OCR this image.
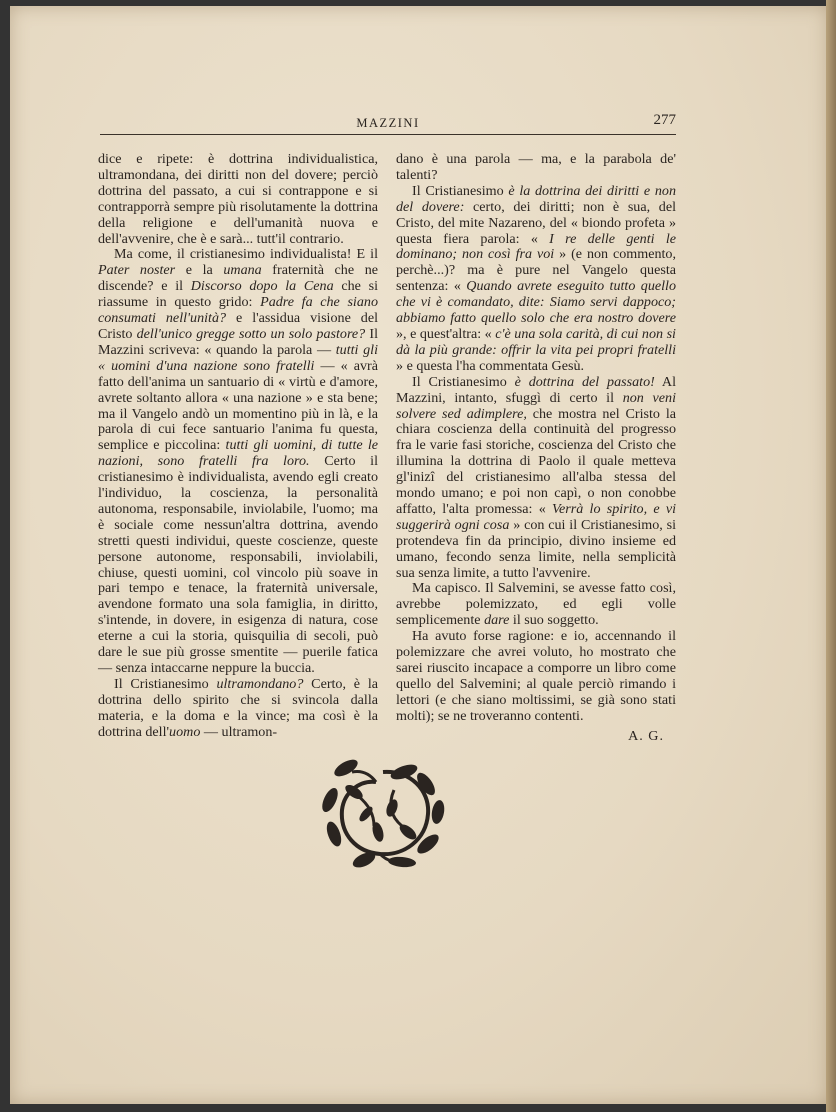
MAZZINI	277

dice e ripete: è dottrina individualistica, ultramondana, dei diritti non del dovere; perciò dottrina del passato, a cui si contrappone e si contrapporrà sempre più risolutamente la dottrina della religione e dell'umanità nuova e dell'avvenire, che è e sarà... tutt'il contrario.

Ma come, il cristianesimo individualista! E il Pater noster e la umana fraternità che ne discende? e il Discorso dopo la Cena che si riassume in questo grido: Padre fa che siano consumati nell'unità? e l'assidua visione del Cristo dell'unico gregge sotto un solo pastore? Il Mazzini scriveva: « quando la parola — tutti gli « uomini d'una nazione sono fratelli — « avrà fatto dell'anima un santuario di « virtù e d'amore, avrete soltanto allora « una nazione » e sta bene; ma il Vangelo andò un momentino più in là, e la parola di cui fece santuario l'anima fu questa, semplice e piccolina: tutti gli uomini, di tutte le nazioni, sono fratelli fra loro. Certo il cristianesimo è individualista, avendo egli creato l'individuo, la coscienza, la personalità autonoma, responsabile, inviolabile, l'uomo; ma è sociale come nessun'altra dottrina, avendo stretti questi individui, queste coscienze, queste persone autonome, responsabili, inviolabili, chiuse, questi uomini, col vincolo più soave in pari tempo e tenace, la fraternità universale, avendone formato una sola famiglia, in diritto, s'intende, in dovere, in esigenza di natura, cose eterne a cui la storia, quisquilia di secoli, può dare le sue più grosse smentite — puerile fatica — senza intaccarne neppure la buccia.

Il Cristianesimo ultramondano? Certo, è la dottrina dello spirito che si svincola dalla materia, e la doma e la vince; ma così è la dottrina dell'uomo — ultramon-

dano è una parola — ma, e la parabola de' talenti?

Il Cristianesimo è la dottrina dei diritti e non del dovere: certo, dei diritti; non è sua, del Cristo, del mite Nazareno, del « biondo profeta » questa fiera parola: « I re delle genti le dominano; non così fra voi » (e non commento, perchè...)? ma è pure nel Vangelo questa sentenza: « Quando avrete eseguito tutto quello che vi è comandato, dite: Siamo servi dappoco; abbiamo fatto quello solo che era nostro dovere », e quest'altra: « c'è una sola carità, di cui non si dà la più grande: offrir la vita pei propri fratelli » e questa l'ha commentata Gesù.

Il Cristianesimo è dottrina del passato! Al Mazzini, intanto, sfuggì di certo il non veni solvere sed adimplere, che mostra nel Cristo la chiara coscienza della continuità del progresso fra le varie fasi storiche, coscienza del Cristo che illumina la dottrina di Paolo il quale metteva gl'inizî del cristianesimo all'alba stessa del mondo umano; e poi non capì, o non conobbe affatto, l'alta promessa: « Verrà lo spirito, e vi suggerirà ogni cosa » con cui il Cristianesimo, si protendeva fin da principio, divino insieme ed umano, fecondo senza limite, nella semplicità sua senza limite, a tutto l'avvenire.

Ma capisco. Il Salvemini, se avesse fatto così, avrebbe polemizzato, ed egli volle semplicemente dare il suo soggetto.

Ha avuto forse ragione: e io, accennando il polemizzare che avrei voluto, ho mostrato che sarei riuscito incapace a comporre un libro come quello del Salvemini; al quale perciò rimando i lettori (e che siano moltissimi, se già sono stati molti); se ne troveranno contenti.

A. G.
